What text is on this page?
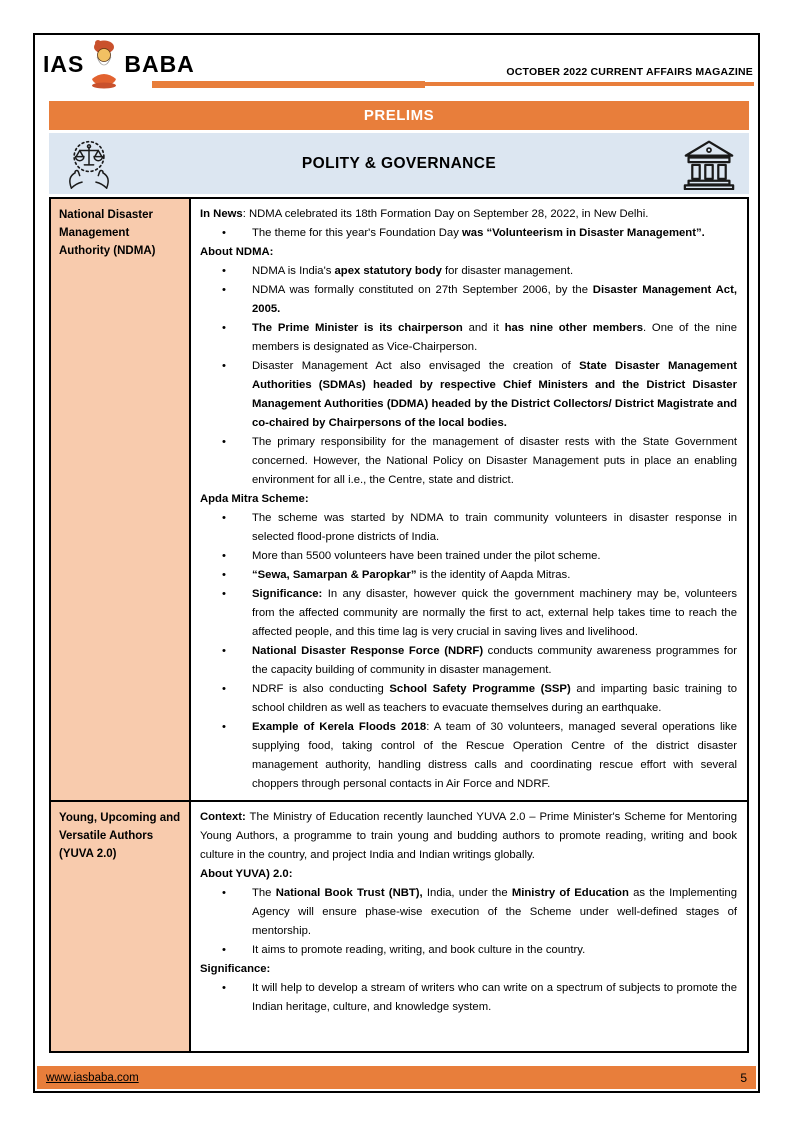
IAS BABA	OCTOBER 2022 CURRENT AFFAIRS MAGAZINE
PRELIMS
POLITY & GOVERNANCE
National Disaster Management Authority (NDMA)
In News: NDMA celebrated its 18th Formation Day on September 28, 2022, in New Delhi.
• The theme for this year's Foundation Day was “Volunteerism in Disaster Management”.
About NDMA:
• NDMA is India's apex statutory body for disaster management.
• NDMA was formally constituted on 27th September 2006, by the Disaster Management Act, 2005.
• The Prime Minister is its chairperson and it has nine other members. One of the nine members is designated as Vice-Chairperson.
• Disaster Management Act also envisaged the creation of State Disaster Management Authorities (SDMAs) headed by respective Chief Ministers and the District Disaster Management Authorities (DDMA) headed by the District Collectors/ District Magistrate and co-chaired by Chairpersons of the local bodies.
• The primary responsibility for the management of disaster rests with the State Government concerned. However, the National Policy on Disaster Management puts in place an enabling environment for all i.e., the Centre, state and district.
Apda Mitra Scheme:
• The scheme was started by NDMA to train community volunteers in disaster response in selected flood-prone districts of India.
• More than 5500 volunteers have been trained under the pilot scheme.
• “Sewa, Samarpan & Paropkar” is the identity of Aapda Mitras.
• Significance: In any disaster, however quick the government machinery may be, volunteers from the affected community are normally the first to act, external help takes time to reach the affected people, and this time lag is very crucial in saving lives and livelihood.
• National Disaster Response Force (NDRF) conducts community awareness programmes for the capacity building of community in disaster management.
• NDRF is also conducting School Safety Programme (SSP) and imparting basic training to school children as well as teachers to evacuate themselves during an earthquake.
• Example of Kerela Floods 2018: A team of 30 volunteers, managed several operations like supplying food, taking control of the Rescue Operation Centre of the district disaster management authority, handling distress calls and coordinating rescue effort with several choppers through personal contacts in Air Force and NDRF.
Young, Upcoming and Versatile Authors (YUVA 2.0)
Context: The Ministry of Education recently launched YUVA 2.0 – Prime Minister's Scheme for Mentoring Young Authors, a programme to train young and budding authors to promote reading, writing and book culture in the country, and project India and Indian writings globally.
About YUVA) 2.0:
• The National Book Trust (NBT), India, under the Ministry of Education as the Implementing Agency will ensure phase-wise execution of the Scheme under well-defined stages of mentorship.
• It aims to promote reading, writing, and book culture in the country.
Significance:
• It will help to develop a stream of writers who can write on a spectrum of subjects to promote the Indian heritage, culture, and knowledge system.
www.iasbaba.com	5
